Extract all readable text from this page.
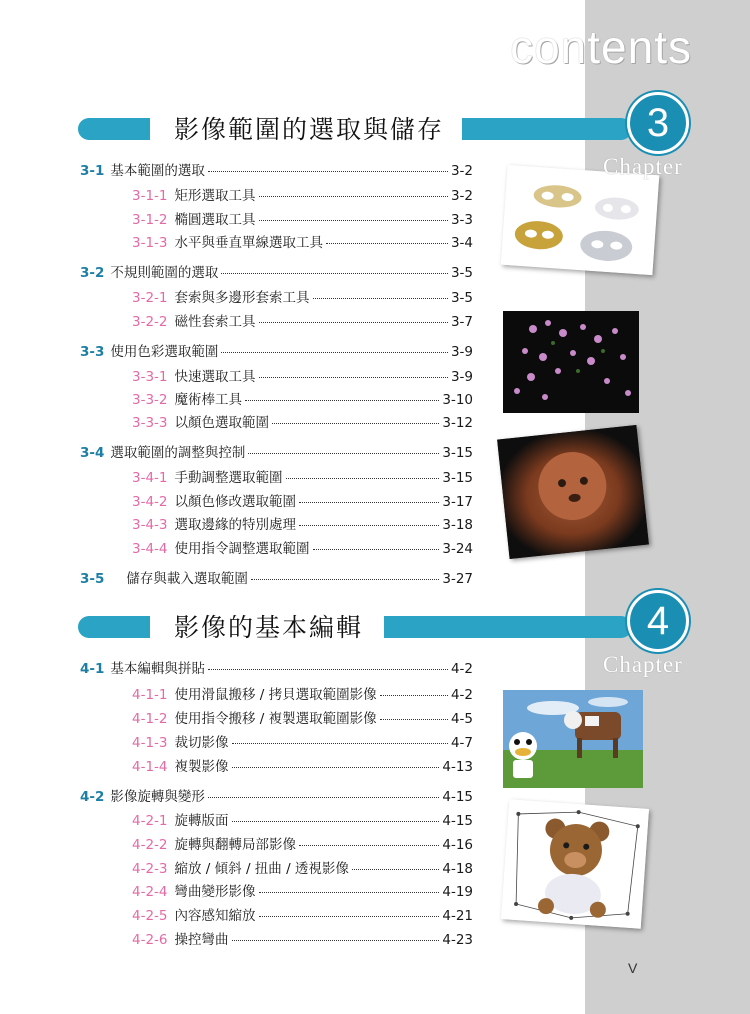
contents
影像範圍的選取與儲存	3
Chapter
3-1 基本範圍的選取	3-2
3-1-1 矩形選取工具	3-2
3-1-2 橢圓選取工具	3-3
3-1-3 水平與垂直單線選取工具	3-4
3-2 不規則範圍的選取	3-5
3-2-1 套索與多邊形套索工具	3-5
3-2-2 磁性套索工具	3-7
3-3 使用色彩選取範圍	3-9
3-3-1 快速選取工具	3-9
3-3-2 魔術棒工具	3-10
3-3-3 以顏色選取範圍	3-12
3-4 選取範圍的調整與控制	3-15
3-4-1 手動調整選取範圍	3-15
3-4-2 以顏色修改選取範圍	3-17
3-4-3 選取邊緣的特別處理	3-18
3-4-4 使用指令調整選取範圍	3-24
3-5 儲存與載入選取範圍	3-27
影像的基本編輯	4
Chapter
4-1 基本編輯與拼貼	4-2
4-1-1 使用滑鼠搬移 / 拷貝選取範圍影像	4-2
4-1-2 使用指令搬移 / 複製選取範圍影像	4-5
4-1-3 裁切影像	4-7
4-1-4 複製影像	4-13
4-2 影像旋轉與變形	4-15
4-2-1 旋轉版面	4-15
4-2-2 旋轉與翻轉局部影像	4-16
4-2-3 縮放 / 傾斜 / 扭曲 / 透視影像	4-18
4-2-4 彎曲變形影像	4-19
4-2-5 內容感知縮放	4-21
4-2-6 操控彎曲	4-23
V
